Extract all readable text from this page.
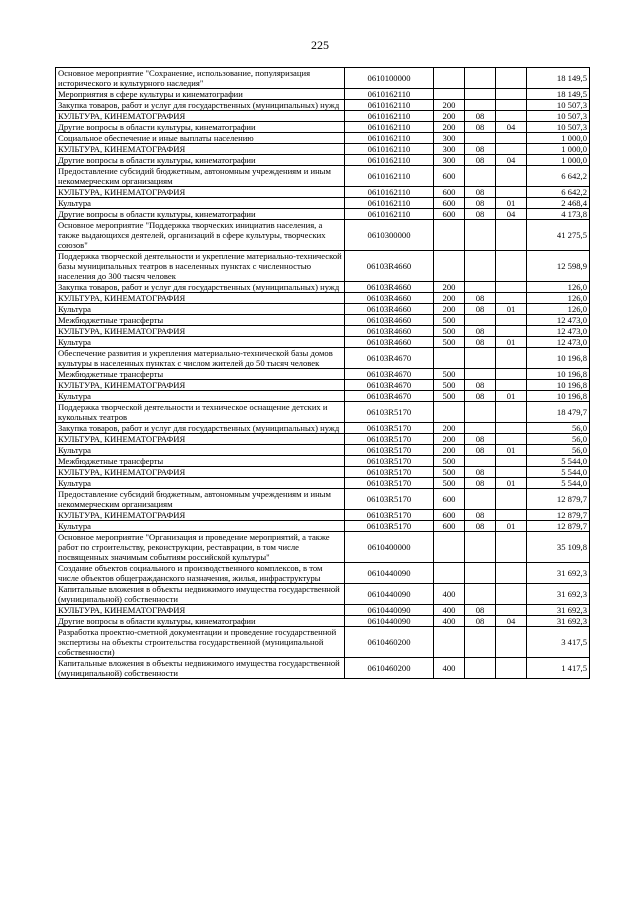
225
Основное мероприятие "Сохранение, использование, популяризация исторического и культурного наследия"	0610100000				18 149,5
Мероприятия в сфере культуры и кинематографии	0610162110				18 149,5
Закупка товаров, работ и услуг для государственных (муниципальных) нужд	0610162110	200			10 507,3
КУЛЬТУРА, КИНЕМАТОГРАФИЯ	0610162110	200	08		10 507,3
Другие вопросы в области культуры, кинематографии	0610162110	200	08	04	10 507,3
Социальное обеспечение и иные выплаты населению	0610162110	300			1 000,0
КУЛЬТУРА, КИНЕМАТОГРАФИЯ	0610162110	300	08		1 000,0
Другие вопросы в области культуры, кинематографии	0610162110	300	08	04	1 000,0
Предоставление субсидий бюджетным, автономным учреждениям и иным некоммерческим организациям	0610162110	600			6 642,2
КУЛЬТУРА, КИНЕМАТОГРАФИЯ	0610162110	600	08		6 642,2
Культура	0610162110	600	08	01	2 468,4
Другие вопросы в области культуры, кинематографии	0610162110	600	08	04	4 173,8
Основное мероприятие "Поддержка творческих инициатив населения, а также выдающихся деятелей, организаций в сфере культуры, творческих союзов"	0610300000				41 275,5
Поддержка творческой деятельности и укрепление материально-технической базы муниципальных театров в населенных пунктах с численностью населения до 300 тысяч человек	06103R4660				12 598,9
Закупка товаров, работ и услуг для государственных (муниципальных) нужд	06103R4660	200			126,0
КУЛЬТУРА, КИНЕМАТОГРАФИЯ	06103R4660	200	08		126,0
Культура	06103R4660	200	08	01	126,0
Межбюджетные трансферты	06103R4660	500			12 473,0
КУЛЬТУРА, КИНЕМАТОГРАФИЯ	06103R4660	500	08		12 473,0
Культура	06103R4660	500	08	01	12 473,0
Обеспечение развития и укрепления материально-технической базы домов культуры в населенных пунктах с числом жителей до 50 тысяч человек	06103R4670				10 196,8
Межбюджетные трансферты	06103R4670	500			10 196,8
КУЛЬТУРА, КИНЕМАТОГРАФИЯ	06103R4670	500	08		10 196,8
Культура	06103R4670	500	08	01	10 196,8
Поддержка творческой деятельности и техническое оснащение детских и кукольных театров	06103R5170				18 479,7
Закупка товаров, работ и услуг для государственных (муниципальных) нужд	06103R5170	200			56,0
КУЛЬТУРА, КИНЕМАТОГРАФИЯ	06103R5170	200	08		56,0
Культура	06103R5170	200	08	01	56,0
Межбюджетные трансферты	06103R5170	500			5 544,0
КУЛЬТУРА, КИНЕМАТОГРАФИЯ	06103R5170	500	08		5 544,0
Культура	06103R5170	500	08	01	5 544,0
Предоставление субсидий бюджетным, автономным учреждениям и иным некоммерческим организациям	06103R5170	600			12 879,7
КУЛЬТУРА, КИНЕМАТОГРАФИЯ	06103R5170	600	08		12 879,7
Культура	06103R5170	600	08	01	12 879,7
Основное мероприятие "Организация и проведение мероприятий, а также работ по строительству, реконструкции, реставрации, в том числе посвященных значимым событиям российской культуры"	0610400000				35 109,8
Создание объектов социального и производственного комплексов, в том числе объектов общегражданского назначения, жилья, инфраструктуры	0610440090				31 692,3
Капитальные вложения в объекты недвижимого имущества государственной (муниципальной) собственности	0610440090	400			31 692,3
КУЛЬТУРА, КИНЕМАТОГРАФИЯ	0610440090	400	08		31 692,3
Другие вопросы в области культуры, кинематографии	0610440090	400	08	04	31 692,3
Разработка проектно-сметной документации и проведение государственной экспертизы на объекты строительства государственной (муниципальной собственности)	0610460200				3 417,5
Капитальные вложения в объекты недвижимого имущества государственной (муниципальной) собственности	0610460200	400			1 417,5
